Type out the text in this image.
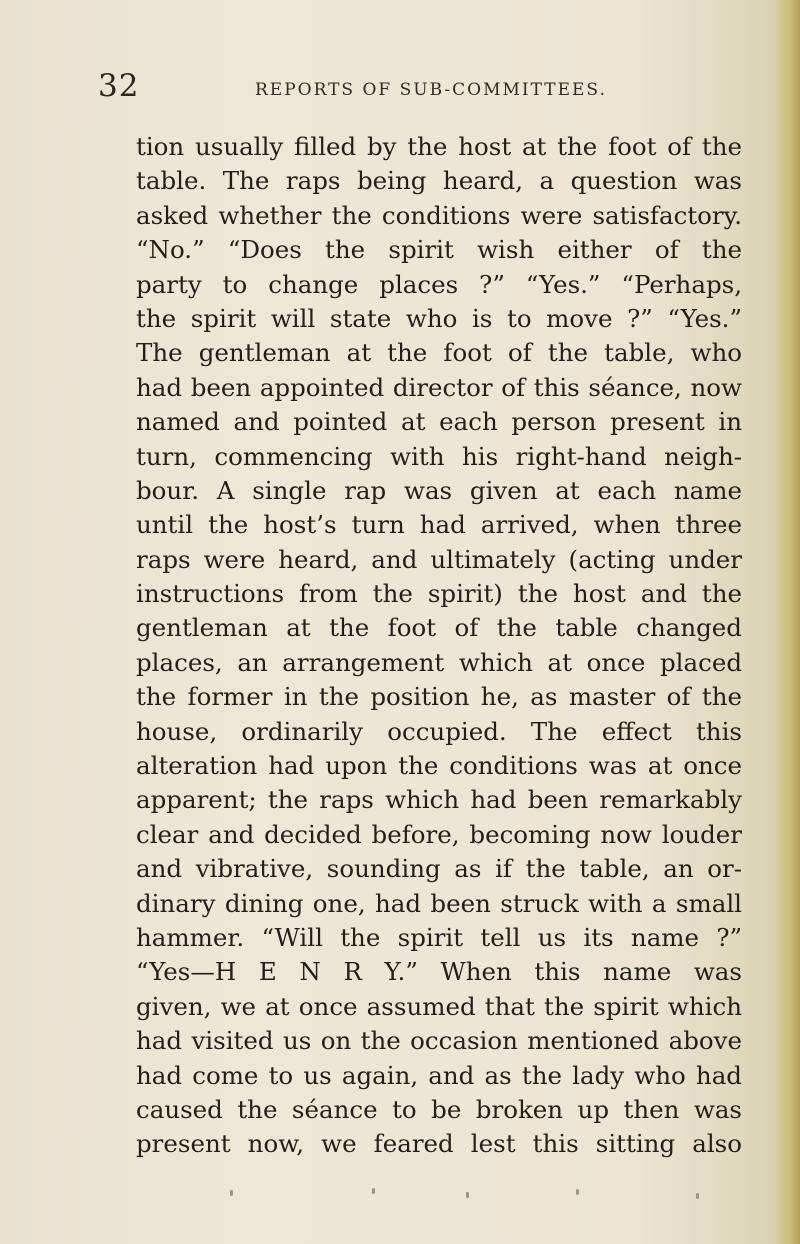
32	REPORTS OF SUB-COMMITTEES.
tion usually filled by the host at the foot of the
table. The raps being heard, a question was
asked whether the conditions were satisfactory.
“No.” “Does the spirit wish either of the
party to change places ?” “Yes.” “Perhaps,
the spirit will state who is to move ?” “Yes.”
The gentleman at the foot of the table, who
had been appointed director of this séance, now
named and pointed at each person present in
turn, commencing with his right-hand neigh-
bour. A single rap was given at each name
until the host’s turn had arrived, when three
raps were heard, and ultimately (acting under
instructions from the spirit) the host and the
gentleman at the foot of the table changed
places, an arrangement which at once placed
the former in the position he, as master of the
house, ordinarily occupied. The effect this
alteration had upon the conditions was at once
apparent; the raps which had been remarkably
clear and decided before, becoming now louder
and vibrative, sounding as if the table, an or-
dinary dining one, had been struck with a small
hammer. “Will the spirit tell us its name ?”
“Yes—H E N R Y.” When this name was
given, we at once assumed that the spirit which
had visited us on the occasion mentioned above
had come to us again, and as the lady who had
caused the séance to be broken up then was
present now, we feared lest this sitting also
